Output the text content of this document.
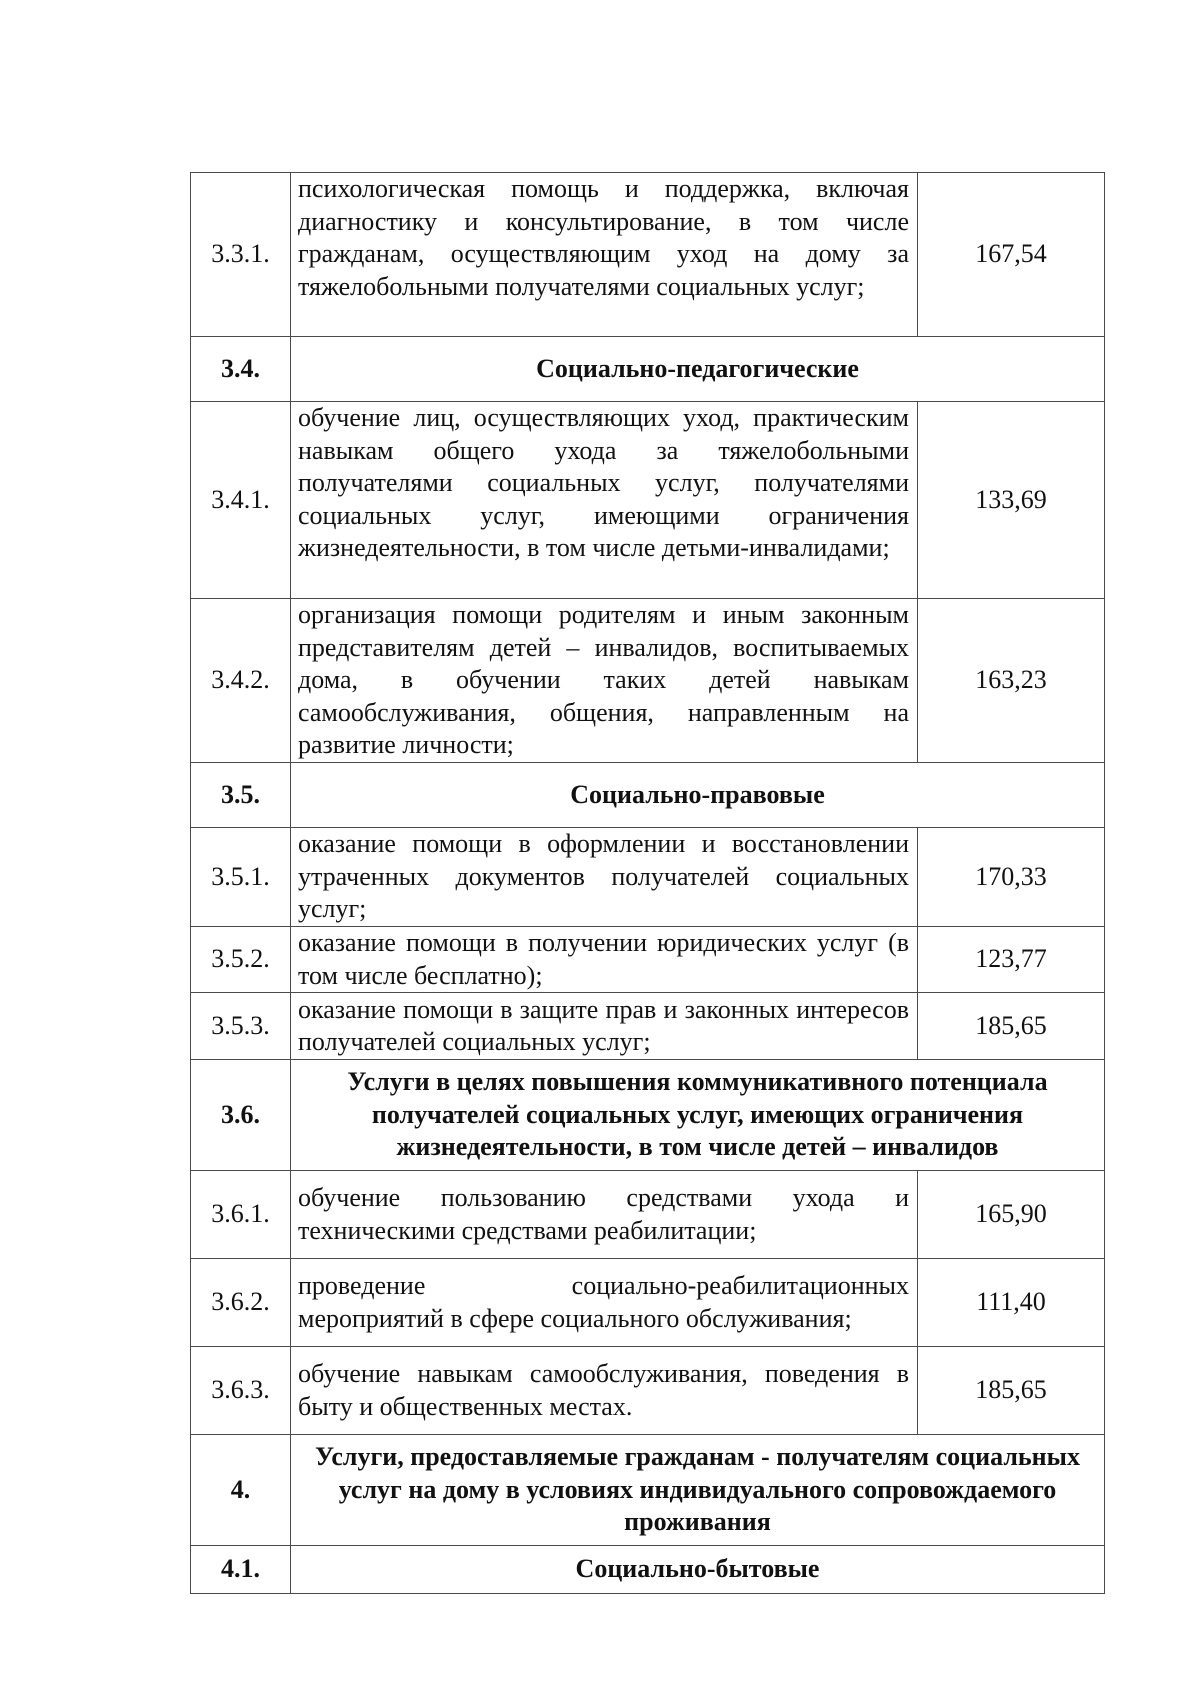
3.3.1.	психологическая помощь и поддержка, включая диагностику и консультирование, в том числе гражданам, осуществляющим уход на дому за тяжелобольными получателями социальных услуг;	167,54
3.4.	Социально-педагогические	
3.4.1.	обучение лиц, осуществляющих уход, практическим навыкам общего ухода за тяжелобольными получателями социальных услуг, получателями социальных услуг, имеющими ограничения жизнедеятельности, в том числе детьми-инвалидами;	133,69
3.4.2.	организация помощи родителям и иным законным представителям детей – инвалидов, воспитываемых дома, в обучении таких детей навыкам самообслуживания, общения, направленным на развитие личности;	163,23
3.5.	Социально-правовые	
3.5.1.	оказание помощи в оформлении и восстановлении утраченных документов получателей социальных услуг;	170,33
3.5.2.	оказание помощи в получении юридических услуг (в том числе бесплатно);	123,77
3.5.3.	оказание помощи в защите прав и законных интересов получателей социальных услуг;	185,65
3.6.	Услуги в целях повышения коммуникативного потенциала получателей социальных услуг, имеющих ограничения жизнедеятельности, в том числе детей – инвалидов	
3.6.1.	обучение пользованию средствами ухода и техническими средствами реабилитации;	165,90
3.6.2.	проведение социально-реабилитационных мероприятий в сфере социального обслуживания;	111,40
3.6.3.	обучение навыкам самообслуживания, поведения в быту и общественных местах.	185,65
4.	Услуги, предоставляемые гражданам - получателям социальных услуг на дому в условиях индивидуального сопровождаемого проживания	
4.1.	Социально-бытовые	
